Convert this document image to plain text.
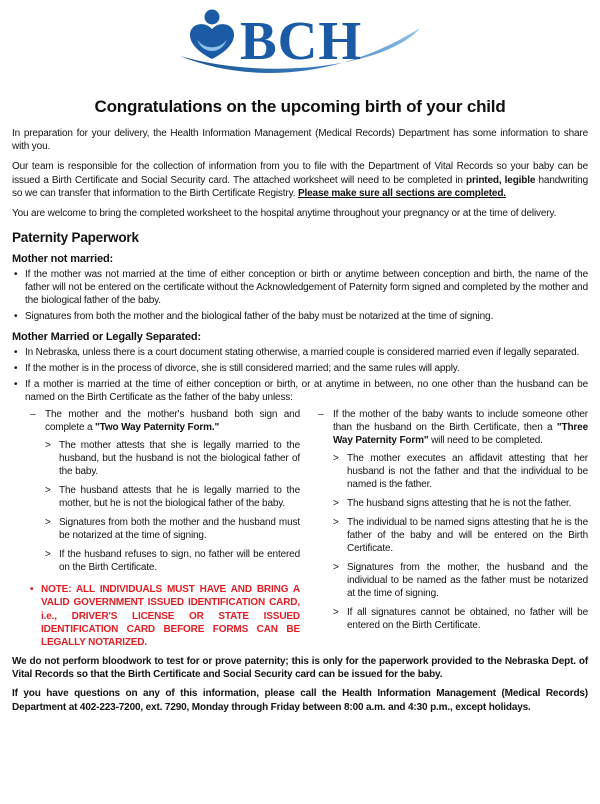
BCH
Congratulations on the upcoming birth of your child

In preparation for your delivery, the Health Information Management (Medical Records) Department has some information to share with you.

Our team is responsible for the collection of information from you to file with the Department of Vital Records so your baby can be issued a Birth Certificate and Social Security card. The attached worksheet will need to be completed in printed, legible handwriting so we can transfer that information to the Birth Certificate Registry. Please make sure all sections are completed.

You are welcome to bring the completed worksheet to the hospital anytime throughout your pregnancy or at the time of delivery.

Paternity Paperwork
Mother not married:
• If the mother was not married at the time of either conception or birth or anytime between conception and birth, the name of the father will not be entered on the certificate without the Acknowledgement of Paternity form signed and completed by the mother and the biological father of the baby.
• Signatures from both the mother and the biological father of the baby must be notarized at the time of signing.
Mother Married or Legally Separated:
• In Nebraska, unless there is a court document stating otherwise, a married couple is considered married even if legally separated.
• If the mother is in the process of divorce, she is still considered married; and the same rules will apply.
• If a mother is married at the time of either conception or birth, or at anytime in between, no one other than the husband can be named on the Birth Certificate as the father of the baby unless:
– The mother and the mother's husband both sign and complete a "Two Way Paternity Form."
> The mother attests that she is legally married to the husband, but the husband is not the biological father of the baby.
> The husband attests that he is legally married to the mother, but he is not the biological father of the baby.
> Signatures from both the mother and the husband must be notarized at the time of signing.
> If the husband refuses to sign, no father will be entered on the Birth Certificate.
• NOTE: ALL INDIVIDUALS MUST HAVE AND BRING A VALID GOVERNMENT ISSUED IDENTIFICATION CARD, i.e., DRIVER'S LICENSE OR STATE ISSUED IDENTIFICATION CARD BEFORE FORMS CAN BE LEGALLY NOTARIZED.
– If the mother of the baby wants to include someone other than the husband on the Birth Certificate, then a "Three Way Paternity Form" will need to be completed.
> The mother executes an affidavit attesting that her husband is not the father and that the individual to be named is the father.
> The husband signs attesting that he is not the father.
> The individual to be named signs attesting that he is the father of the baby and will be entered on the Birth Certificate.
> Signatures from the mother, the husband and the individual to be named as the father must be notarized at the time of signing.
> If all signatures cannot be obtained, no father will be entered on the Birth Certificate.

We do not perform bloodwork to test for or prove paternity; this is only for the paperwork provided to the Nebraska Dept. of Vital Records so that the Birth Certificate and Social Security card can be issued for the baby.

If you have questions on any of this information, please call the Health Information Management (Medical Records) Department at 402-223-7200, ext. 7290, Monday through Friday between 8:00 a.m. and 4:30 p.m., except holidays.
